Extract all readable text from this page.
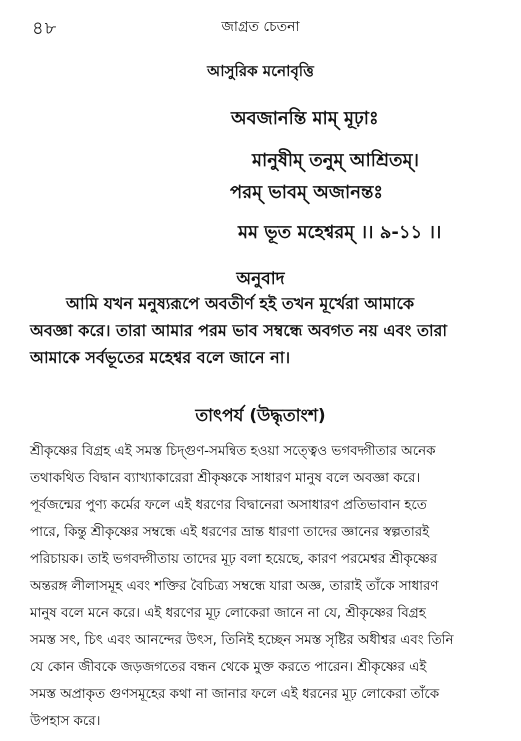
৪৮	জাগ্রত চেতনা
আসুরিক মনোবৃত্তি
অবজানন্তি মাম্ মূঢ়াঃ
মানুষীম্ তনুম্ আশ্রিতম্।
পরম্ ভাবম্ অজানন্তঃ
মম ভূত মহেশ্বরম্ ।। ৯-১১ ।।
অনুবাদ
আমি যখন মনুষ্যরূপে অবতীর্ণ হই তখন মূর্খেরা আমাকে
অবজ্ঞা করে। তারা আমার পরম ভাব সম্বন্ধে অবগত নয় এবং তারা
আমাকে সর্বভূতের মহেশ্বর বলে জানে না।
তাৎপর্য (উদ্ধৃতাংশ)
শ্রীকৃষ্ণের বিগ্রহ এই সমস্ত চিদ্গুণ-সমন্বিত হওয়া সত্ত্বেও ভগবদ্গীতার অনেক
তথাকথিত বিদ্বান ব্যাখ্যাকারেরা শ্রীকৃষ্ণকে সাধারণ মানুষ বলে অবজ্ঞা করে।
পূর্বজন্মের পুণ্য কর্মের ফলে এই ধরণের বিদ্বানেরা অসাধারণ প্রতিভাবান হতে
পারে, কিন্তু শ্রীকৃষ্ণের সম্বন্ধে এই ধরণের ভ্রান্ত ধারণা তাদের জ্ঞানের স্বল্পতারই
পরিচায়ক। তাই ভগবদ্গীতায় তাদের মূঢ় বলা হয়েছে, কারণ পরমেশ্বর শ্রীকৃষ্ণের
অন্তরঙ্গ লীলাসমূহ এবং শক্তির বৈচিত্র্য সম্বন্ধে যারা অজ্ঞ, তারাই তাঁকে সাধারণ
মানুষ বলে মনে করে। এই ধরণের মূঢ় লোকেরা জানে না যে, শ্রীকৃষ্ণের বিগ্রহ
সমস্ত সৎ, চিৎ এবং আনন্দের উৎস, তিনিই হচ্ছেন সমস্ত সৃষ্টির অধীশ্বর এবং তিনি
যে কোন জীবকে জড়জগতের বন্ধন থেকে মুক্ত করতে পারেন। শ্রীকৃষ্ণের এই
সমস্ত অপ্রাকৃত গুণসমূহের কথা না জানার ফলে এই ধরনের মূঢ় লোকেরা তাঁকে
উপহাস করে।
